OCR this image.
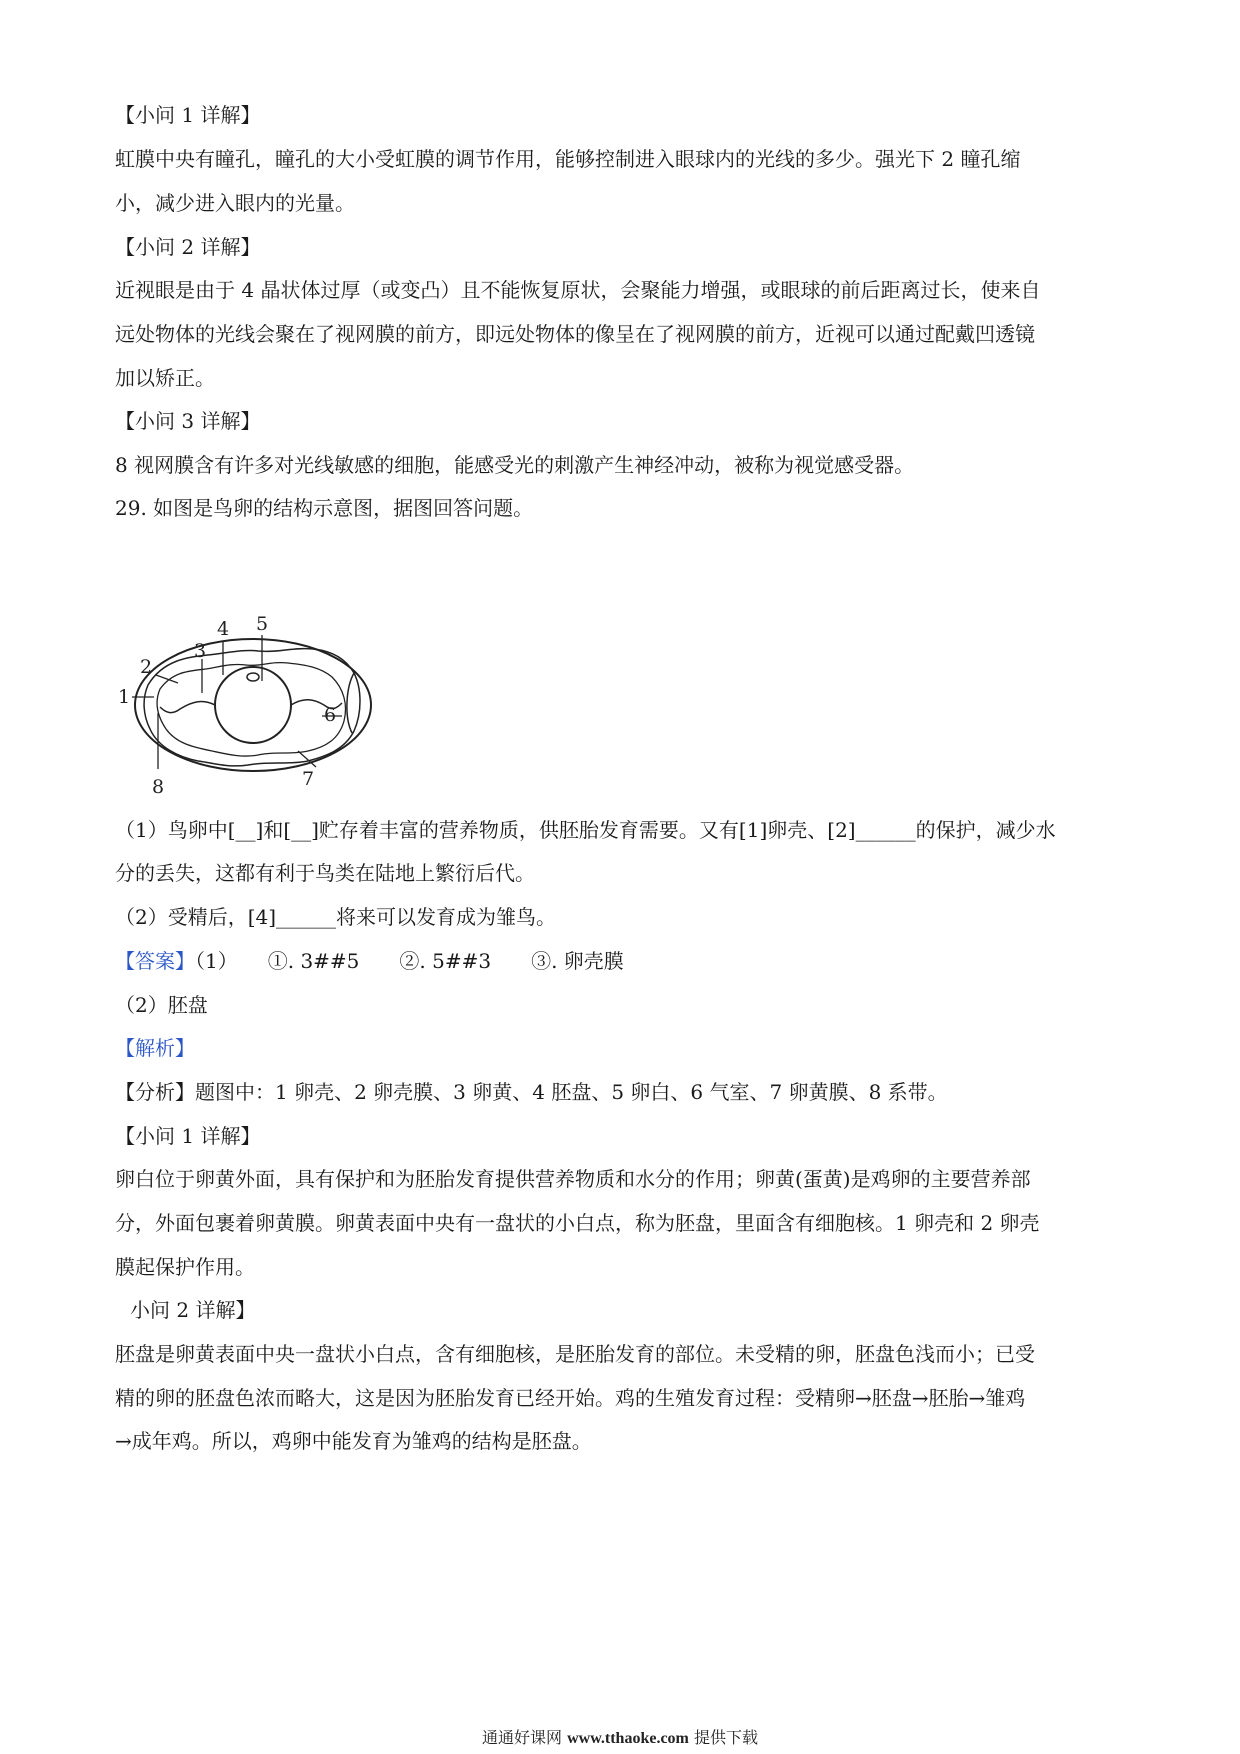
【小问 1 详解】
虹膜中央有瞳孔，瞳孔的大小受虹膜的调节作用，能够控制进入眼球内的光线的多少。强光下 2 瞳孔缩
小，减少进入眼内的光量。
【小问 2 详解】
近视眼是由于 4 晶状体过厚（或变凸）且不能恢复原状，会聚能力增强，或眼球的前后距离过长，使来自
远处物体的光线会聚在了视网膜的前方，即远处物体的像呈在了视网膜的前方，近视可以通过配戴凹透镜
加以矫正。
【小问 3 详解】
8 视网膜含有许多对光线敏感的细胞，能感受光的刺激产生神经冲动，被称为视觉感受器。
29. 如图是鸟卵的结构示意图，据图回答问题。
1
2
3
4 5
6
7
8
（1）鸟卵中[__]和[__]贮存着丰富的营养物质，供胚胎发育需要。又有[1]卵壳、[2]______的保护，减少水
分的丢失，这都有利于鸟类在陆地上繁衍后代。
（2）受精后，[4]______将来可以发育成为雏鸟。
【答案】（1）　　①. 3##5　　②. 5##3　　③. 卵壳膜
（2）胚盘
【解析】
【分析】题图中：1 卵壳、2 卵壳膜、3 卵黄、4 胚盘、5 卵白、6 气室、7 卵黄膜、8 系带。
【小问 1 详解】
卵白位于卵黄外面，具有保护和为胚胎发育提供营养物质和水分的作用；卵黄(蛋黄)是鸡卵的主要营养部
分，外面包裹着卵黄膜。卵黄表面中央有一盘状的小白点，称为胚盘，里面含有细胞核。1 卵壳和 2 卵壳
膜起保护作用。
小问 2 详解】
胚盘是卵黄表面中央一盘状小白点，含有细胞核，是胚胎发育的部位。未受精的卵，胚盘色浅而小；已受
精的卵的胚盘色浓而略大，这是因为胚胎发育已经开始。鸡的生殖发育过程：受精卵→胚盘→胚胎→雏鸡
→成年鸡。所以，鸡卵中能发育为雏鸡的结构是胚盘。
通通好课网 www.tthaoke.com 提供下载
